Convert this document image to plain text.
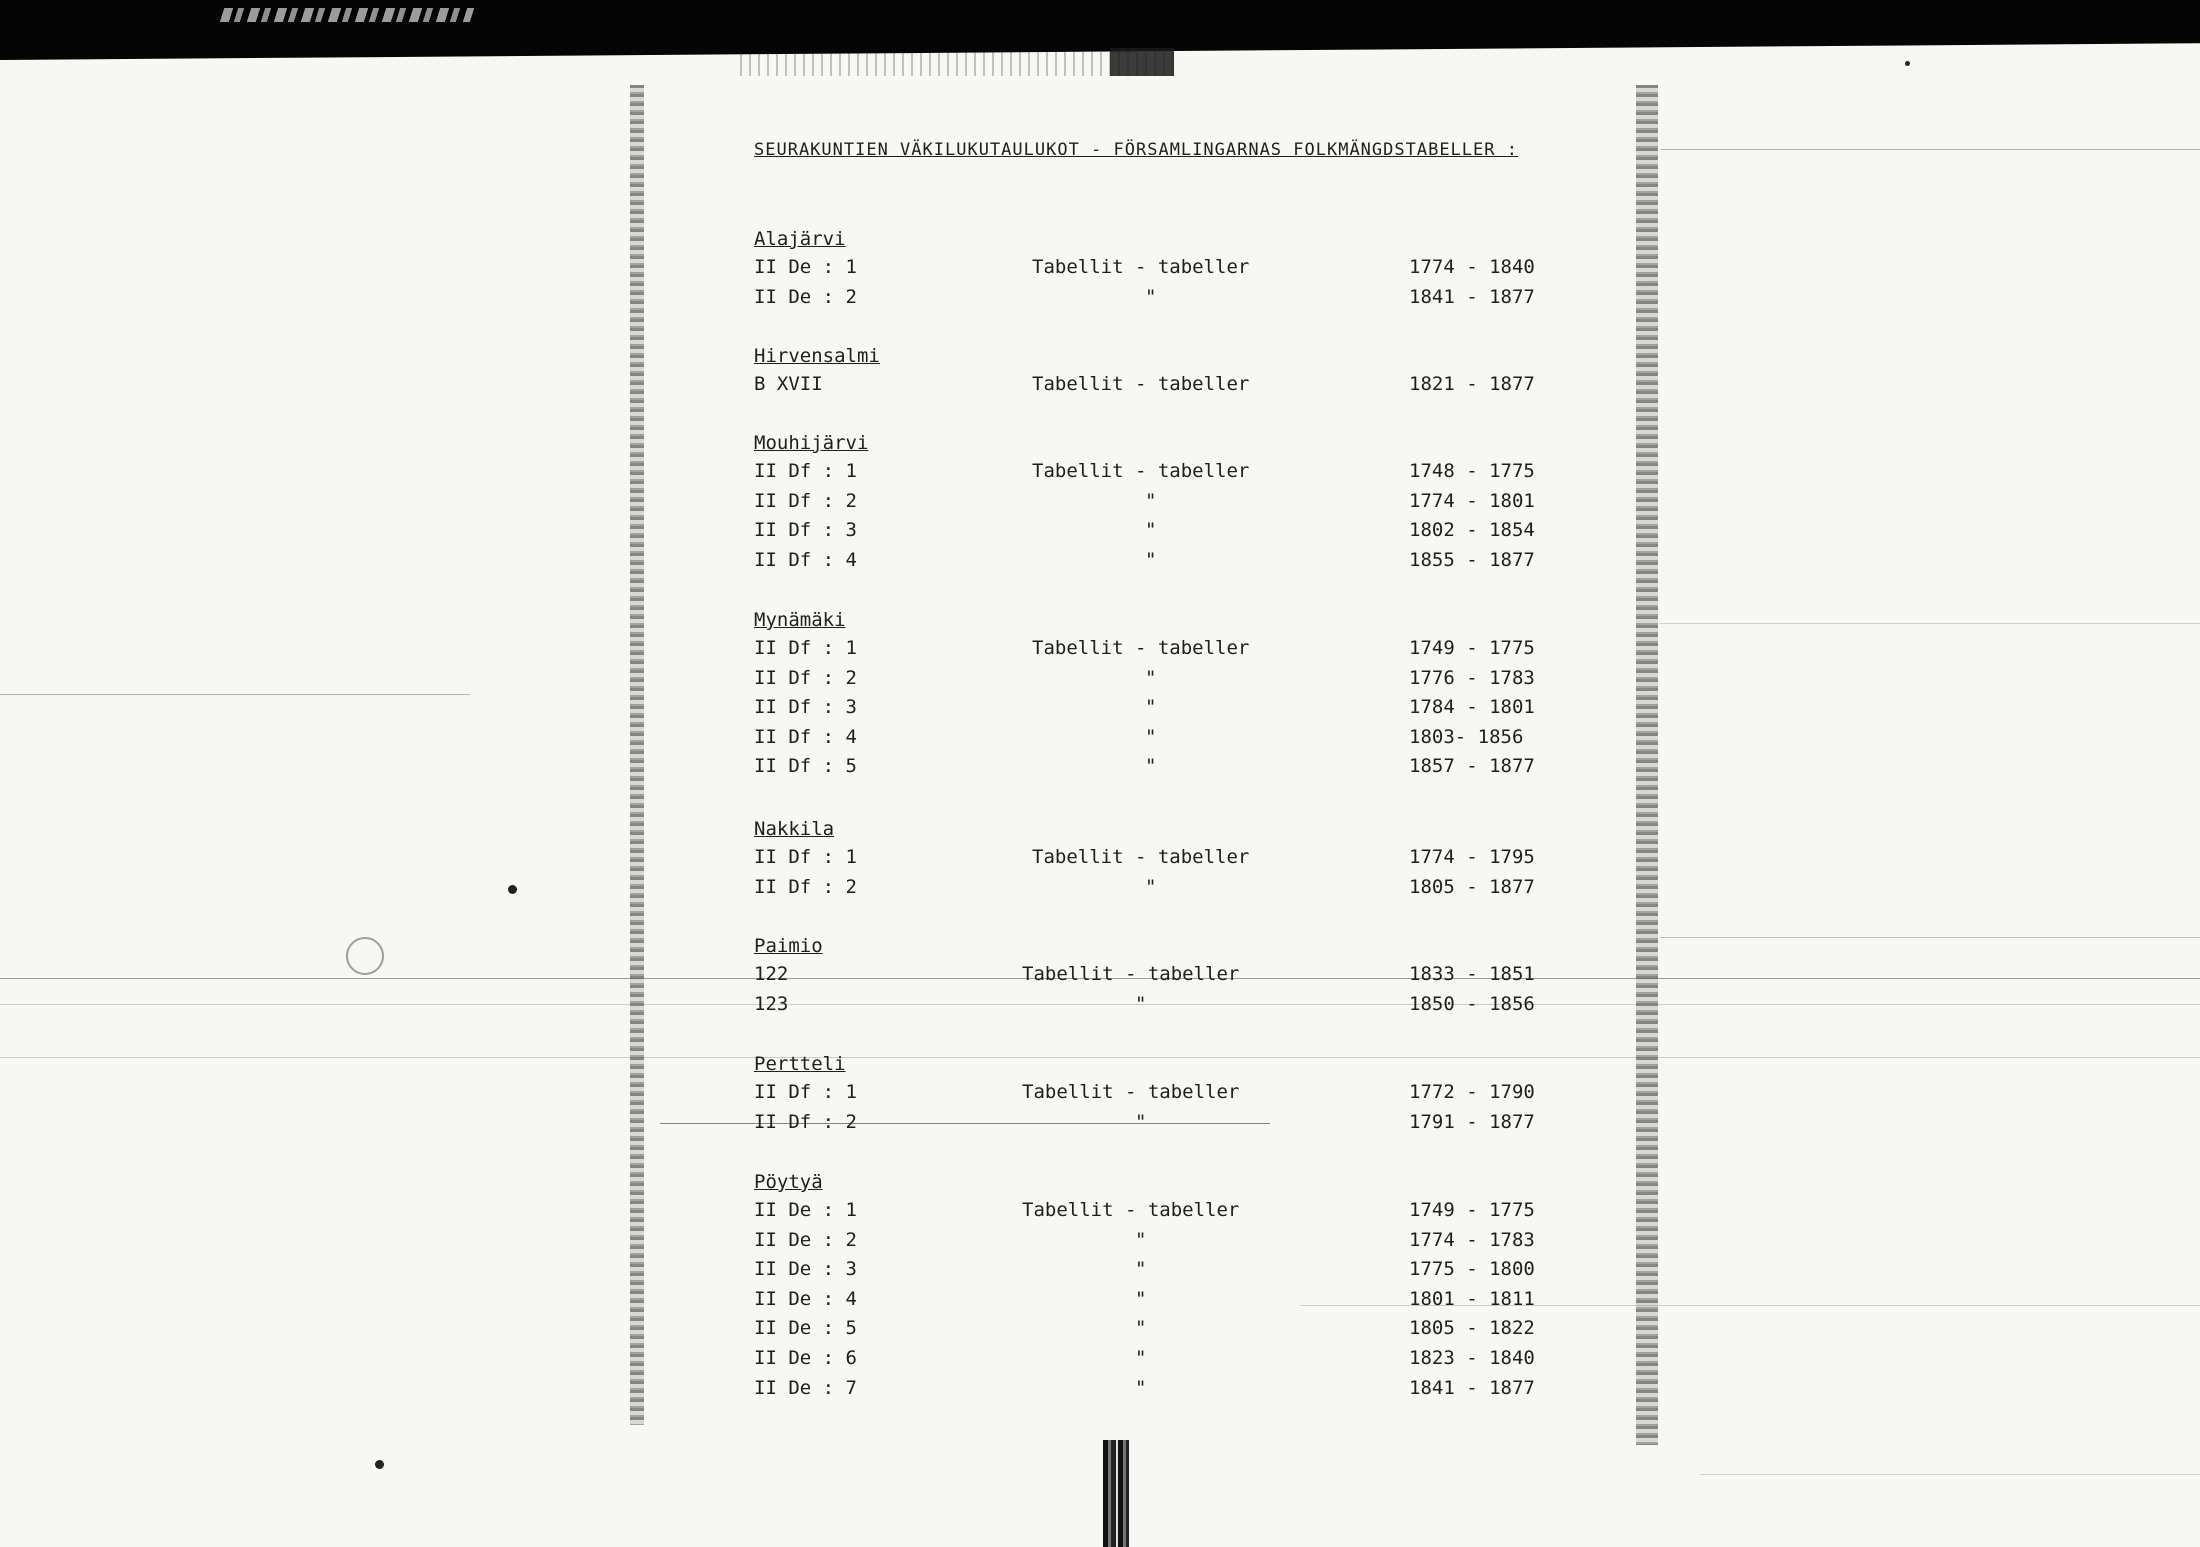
SEURAKUNTIEN VÄKILUKUTAULUKOT - FÖRSAMLINGARNAS FOLKMÄNGDSTABELLER :
Alajärvi
II De : 1	Tabellit - tabeller	1774 - 1840
II De : 2	"	1841 - 1877
Hirvensalmi
B XVII	Tabellit - tabeller	1821 - 1877
Mouhijärvi
II Df : 1	Tabellit - tabeller	1748 - 1775
II Df : 2	"	1774 - 1801
II Df : 3	"	1802 - 1854
II Df : 4	"	1855 - 1877
Mynämäki
II Df : 1	Tabellit - tabeller	1749 - 1775
II Df : 2	"	1776 - 1783
II Df : 3	"	1784 - 1801
II Df : 4	"	1803- 1856
II Df : 5	"	1857 - 1877
Nakkila
II Df : 1	Tabellit - tabeller	1774 - 1795
II Df : 2	"	1805 - 1877
Paimio
122	Tabellit - tabeller	1833 - 1851
123	"	1850 - 1856
Pertteli
II Df : 1	Tabellit - tabeller	1772 - 1790
II Df : 2	"	1791 - 1877
Pöytyä
II De : 1	Tabellit - tabeller	1749 - 1775
II De : 2	"	1774 - 1783
II De : 3	"	1775 - 1800
II De : 4	"	1801 - 1811
II De : 5	"	1805 - 1822
II De : 6	"	1823 - 1840
II De : 7	"	1841 - 1877
